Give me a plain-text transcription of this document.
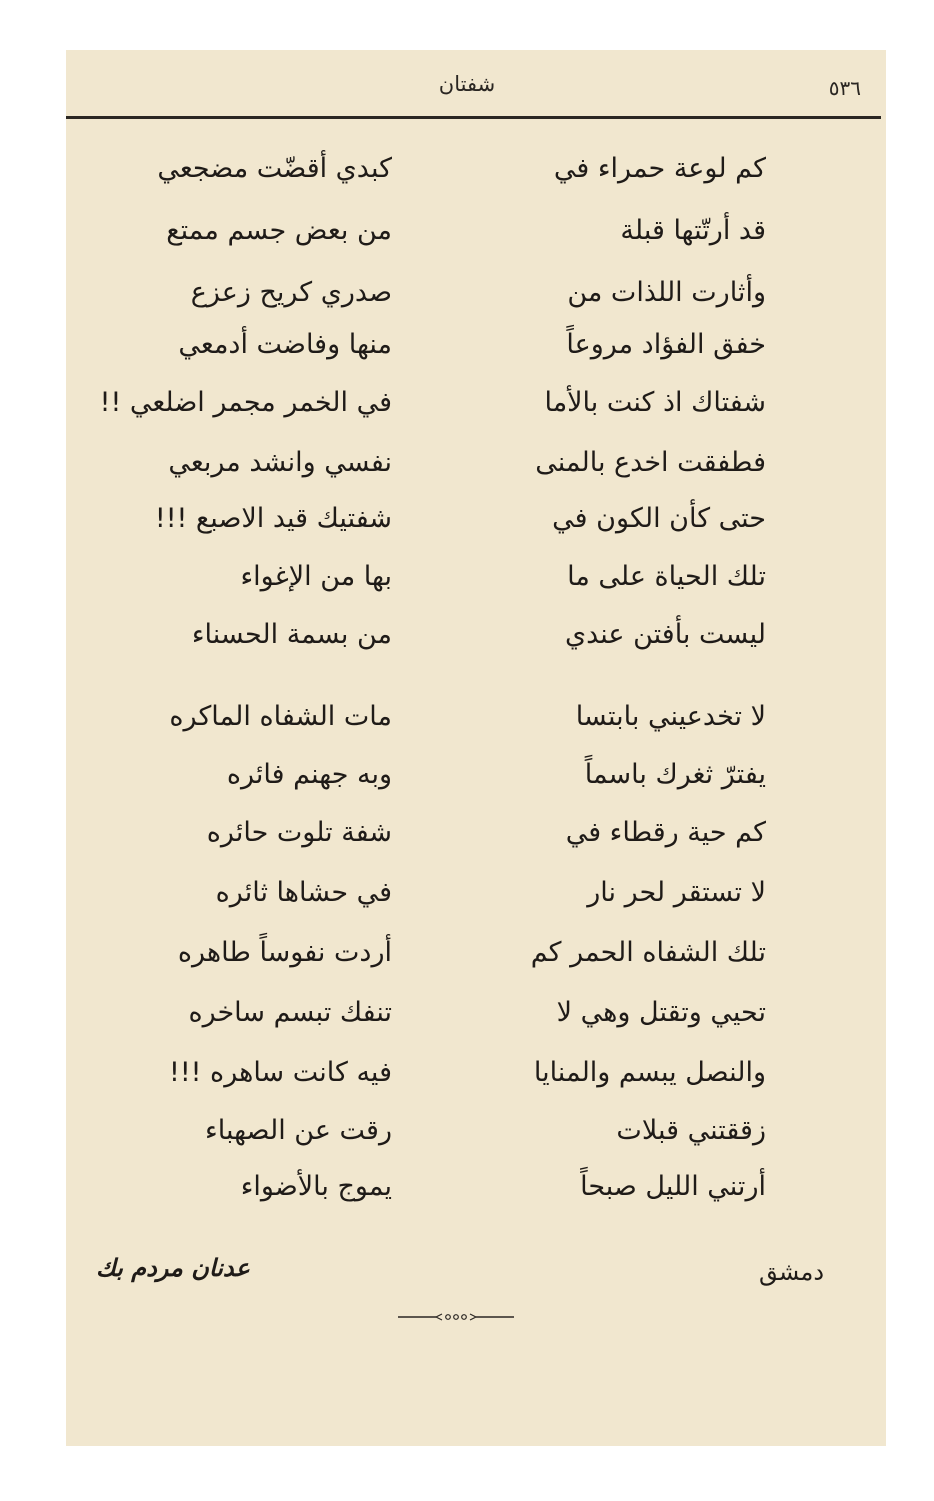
٥٣٦
شفتان
كم لوعة حمراء في
كبدي أقضّت مضجعي
قد أرتّتها قبلة
من بعض جسم ممتع
وأثارت اللذات من
صدري كريح زعزع
خفق الفؤاد مروعاً
منها وفاضت أدمعي
شفتاك اذ كنت بالأما
في الخمر مجمر اضلعي !!
فطفقت اخدع بالمنى
نفسي وانشد مربعي
حتى كأن الكون في
شفتيك قيد الاصبع !!!
تلك الحياة على ما
بها من الإغواء
ليست بأفتن عندي
من بسمة الحسناء
لا تخدعيني بابتسا
مات الشفاه الماكره
يفترّ ثغرك باسماً
وبه جهنم فائره
كم حية رقطاء في
شفة تلوت حائره
لا تستقر لحر نار
في حشاها ثائره
تلك الشفاه الحمر كم
أردت نفوساً طاهره
تحيي وتقتل وهي لا
تنفك تبسم ساخره
والنصل يبسم والمنايا
فيه كانت ساهره !!!
زققتني قبلات
رقت عن الصهباء
أرتني الليل صبحاً
يموج بالأضواء
دمشق
عدنان مردم بك
